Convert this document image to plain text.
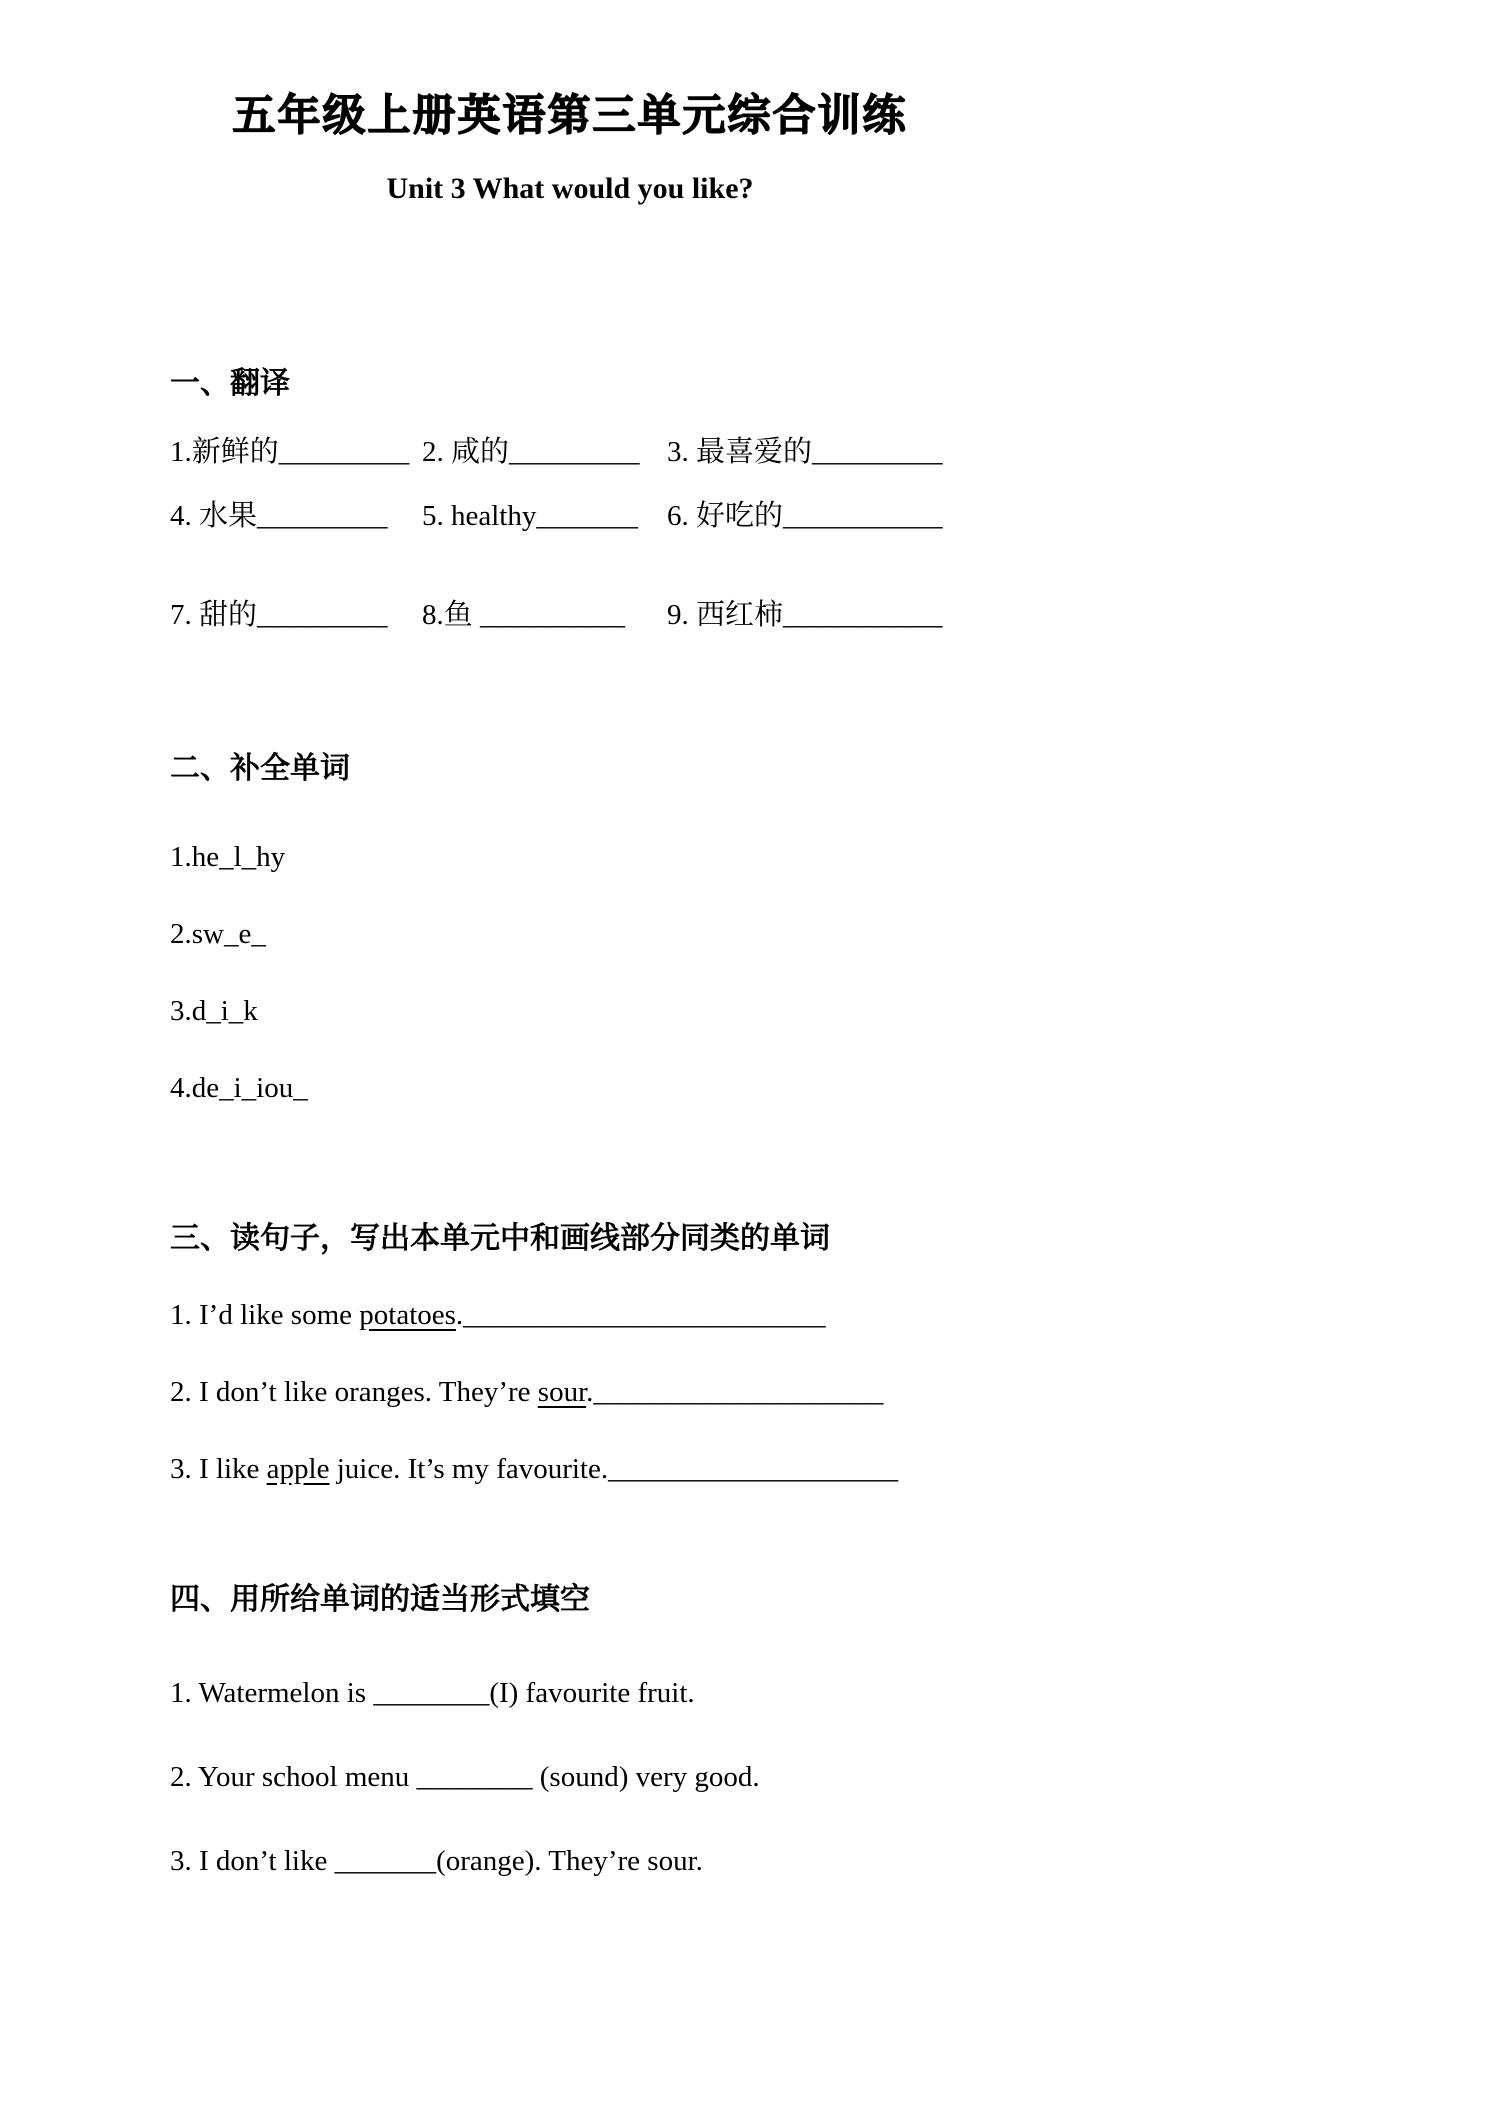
五年级上册英语第三单元综合训练
Unit 3 What would you like?
一、翻译
1.新鲜的_________ 2. 咸的_________ 3. 最喜爱的_________
4. 水果_________	5. healthy_______	6. 好吃的___________
7. 甜的_________	8.鱼 __________	9. 西红柿___________
二、补全单词
1.he_l_hy
2.sw_e_
3.d_i_k
4.de_i_iou_
三、读句子，写出本单元中和画线部分同类的单词
1. I’d like some potatoes._________________________
2. I don’t like oranges. They’re sour.____________________
3. I like apple juice. It’s my favourite.____________________
四、用所给单词的适当形式填空
1. Watermelon is ________(I) favourite fruit.
2. Your school menu ________ (sound) very good.
3. I don’t like _______(orange). They’re sour.
